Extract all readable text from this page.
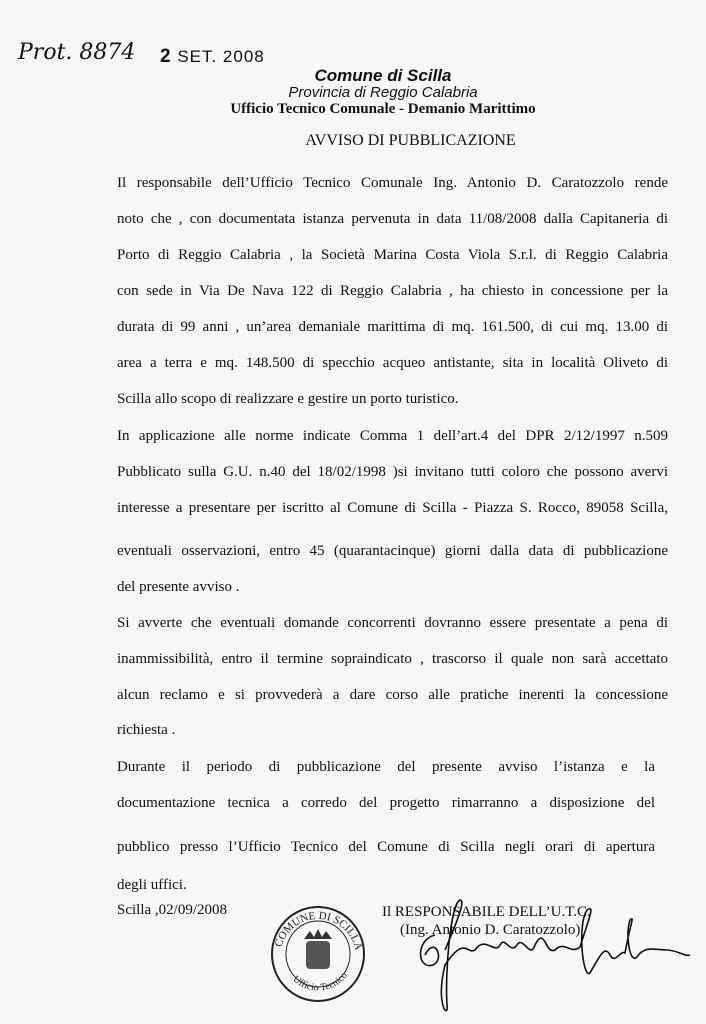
Prot. 8874 2 SET. 2008
Comune di Scilla
Provincia di Reggio Calabria
Ufficio Tecnico Comunale - Demanio Marittimo
AVVISO DI PUBBLICAZIONE
Il responsabile dell’Ufficio Tecnico Comunale Ing. Antonio D. Caratozzolo rende
noto che , con documentata istanza pervenuta in data 11/08/2008 dalla Capitaneria di
Porto di Reggio Calabria , la Società Marina Costa Viola S.r.l. di Reggio Calabria
con sede in Via De Nava 122 di Reggio Calabria , ha chiesto in concessione per la
durata di 99 anni , un’area demaniale marittima di mq. 161.500, di cui mq. 13.00 di
area a terra e mq. 148.500 di specchio acqueo antistante, sita in località Oliveto di
Scilla allo scopo di realizzare e gestire un porto turistico.
In applicazione alle norme indicate Comma 1 dell’art.4 del DPR 2/12/1997 n.509
Pubblicato sulla G.U. n.40 del 18/02/1998 )si invitano tutti coloro che possono avervi
interesse a presentare per iscritto al Comune di Scilla - Piazza S. Rocco, 89058 Scilla,
eventuali osservazioni, entro 45 (quarantacinque) giorni dalla data di pubblicazione
del presente avviso .
Si avverte che eventuali domande concorrenti dovranno essere presentate a pena di
inammissibilità, entro il termine sopraindicato , trascorso il quale non sarà accettato
alcun reclamo e si provvederà a dare corso alle pratiche inerenti la concessione
richiesta .
Durante il periodo di pubblicazione del presente avviso l’istanza e la
documentazione tecnica a corredo del progetto rimarranno a disposizione del
pubblico presso l’Ufficio Tecnico del Comune di Scilla negli orari di apertura
degli uffici.
Scilla ,02/09/2008
COMUNE DI SCILLA
Ufficio Tecnico
Il RESPONSABILE DELL’U.T.C.
(Ing. Antonio D. Caratozzolo)
